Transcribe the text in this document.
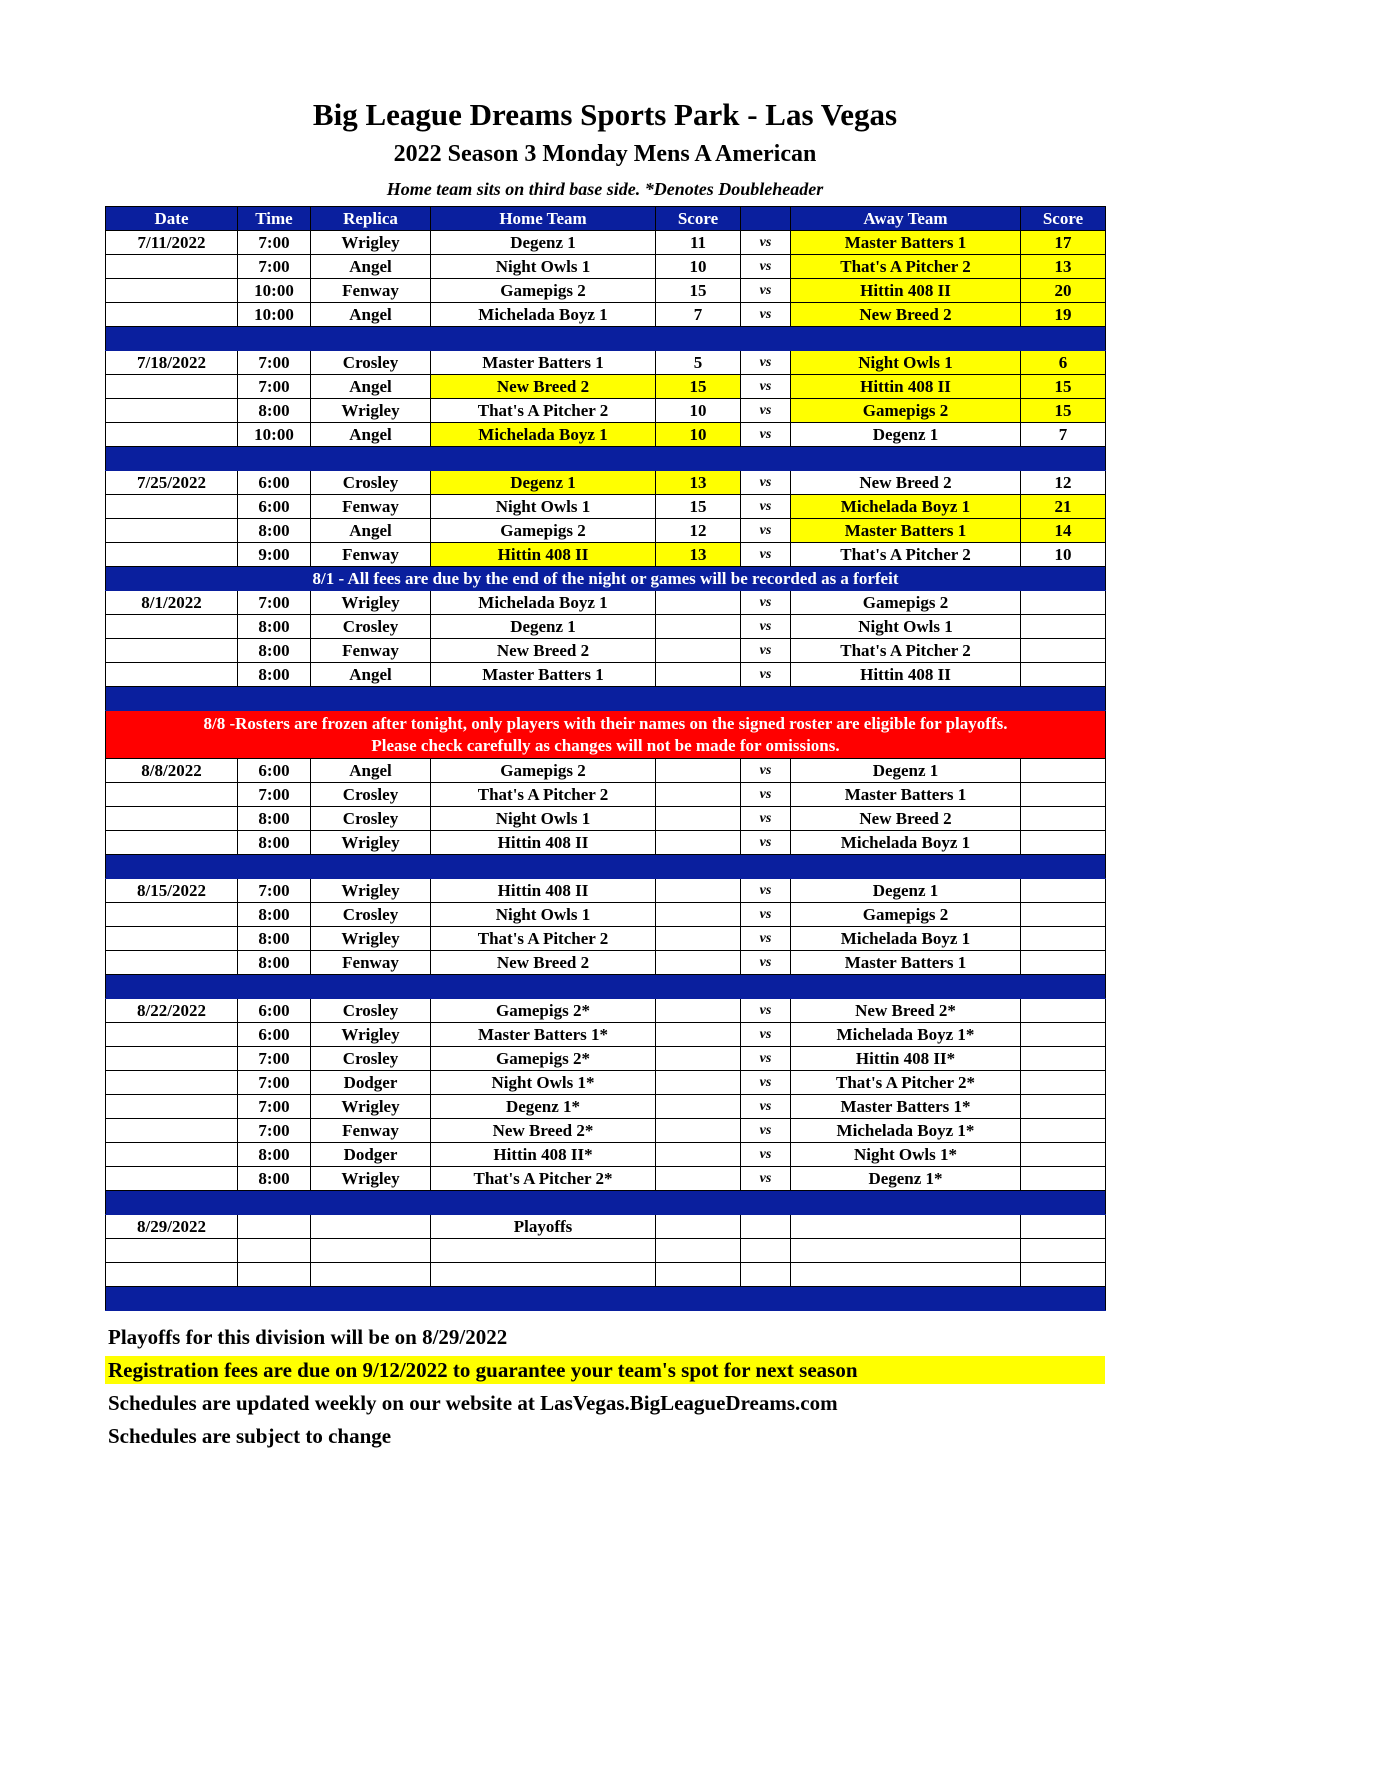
Big League Dreams Sports Park - Las Vegas
2022 Season 3 Monday Mens A American
Home team sits on third base side. *Denotes Doubleheader
Date	Time	Replica	Home Team	Score		Away Team	Score
7/11/2022	7:00	Wrigley	Degenz 1	11	vs	Master Batters 1	17
	7:00	Angel	Night Owls 1	10	vs	That's A Pitcher 2	13
	10:00	Fenway	Gamepigs 2	15	vs	Hittin 408 II	20
	10:00	Angel	Michelada Boyz 1	7	vs	New Breed 2	19

7/18/2022	7:00	Crosley	Master Batters 1	5	vs	Night Owls 1	6
	7:00	Angel	New Breed 2	15	vs	Hittin 408 II	15
	8:00	Wrigley	That's A Pitcher 2	10	vs	Gamepigs 2	15
	10:00	Angel	Michelada Boyz 1	10	vs	Degenz 1	7

7/25/2022	6:00	Crosley	Degenz 1	13	vs	New Breed 2	12
	6:00	Fenway	Night Owls 1	15	vs	Michelada Boyz 1	21
	8:00	Angel	Gamepigs 2	12	vs	Master Batters 1	14
	9:00	Fenway	Hittin 408 II	13	vs	That's A Pitcher 2	10

8/1 - All fees are due by the end of the night or games will be recorded as a forfeit							

8/1/2022	7:00	Wrigley	Michelada Boyz 1		vs	Gamepigs 2	
	8:00	Crosley	Degenz 1		vs	Night Owls 1	
	8:00	Fenway	New Breed 2		vs	That's A Pitcher 2	
	8:00	Angel	Master Batters 1		vs	Hittin 408 II	

8/8 -Rosters are frozen after tonight, only players with their names on the signed roster are eligible for playoffs.
Please check carefully as changes will not be made for omissions.							

8/8/2022	6:00	Angel	Gamepigs 2		vs	Degenz 1	
	7:00	Crosley	That's A Pitcher 2		vs	Master Batters 1	
	8:00	Crosley	Night Owls 1		vs	New Breed 2	
	8:00	Wrigley	Hittin 408 II		vs	Michelada Boyz 1	

8/15/2022	7:00	Wrigley	Hittin 408 II		vs	Degenz 1	
	8:00	Crosley	Night Owls 1		vs	Gamepigs 2	
	8:00	Wrigley	That's A Pitcher 2		vs	Michelada Boyz 1	
	8:00	Fenway	New Breed 2		vs	Master Batters 1	

8/22/2022	6:00	Crosley	Gamepigs 2*		vs	New Breed 2*	
	6:00	Wrigley	Master Batters 1*		vs	Michelada Boyz 1*	
	7:00	Crosley	Gamepigs 2*		vs	Hittin 408 II*	
	7:00	Dodger	Night Owls 1*		vs	That's A Pitcher 2*	
	7:00	Wrigley	Degenz 1*		vs	Master Batters 1*	
	7:00	Fenway	New Breed 2*		vs	Michelada Boyz 1*	
	8:00	Dodger	Hittin 408 II*		vs	Night Owls 1*	
	8:00	Wrigley	That's A Pitcher 2*		vs	Degenz 1*	

8/29/2022			Playoffs				

Playoffs for this division will be on 8/29/2022
Registration fees are due on 9/12/2022 to guarantee your team's spot for next season
Schedules are updated weekly on our website at LasVegas.BigLeagueDreams.com
Schedules are subject to change
